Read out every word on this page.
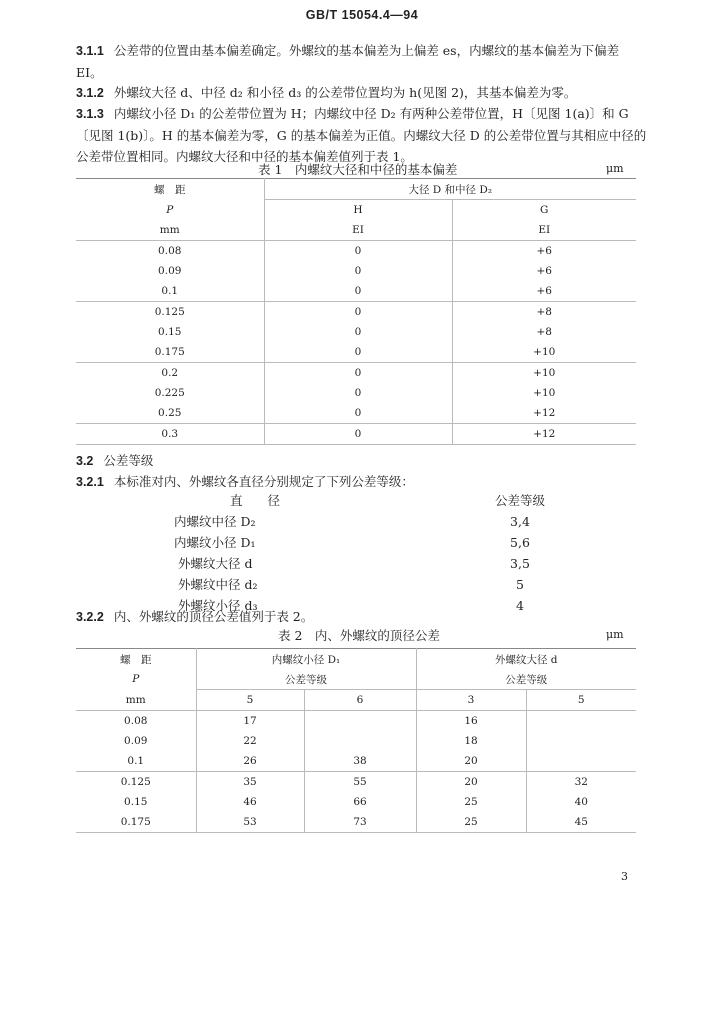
GB/T 15054.4—94
3.1.1 公差带的位置由基本偏差确定。外螺纹的基本偏差为上偏差 es，内螺纹的基本偏差为下偏差 EI。
3.1.2 外螺纹大径 d、中径 d₂ 和小径 d₃ 的公差带位置均为 h(见图 2)，其基本偏差为零。
3.1.3 内螺纹小径 D₁ 的公差带位置为 H；内螺纹中径 D₂ 有两种公差带位置，H〔见图 1(a)〕和 G〔见图 1(b)〕。H 的基本偏差为零，G 的基本偏差为正值。内螺纹大径 D 的公差带位置与其相应中径的公差带位置相同。内螺纹大径和中径的基本偏差值列于表 1。
表 1　内螺纹大径和中径的基本偏差	μm
螺　距	大径 D 和中径 D₂	
P	H	G
mm	EI	EI
0.08	0	+6
0.09	0	+6
0.1	0	+6
0.125	0	+8
0.15	0	+8
0.175	0	+10
0.2	0	+10
0.225	0	+10
0.25	0	+12
0.3	0	+12
3.2 公差等级
3.2.1 本标准对内、外螺纹各直径分别规定了下列公差等级：
直　　径	公差等级
内螺纹中径 D₂	3,4
内螺纹小径 D₁	5,6
外螺纹大径 d	3,5
外螺纹中径 d₂	5
外螺纹小径 d₃	4
3.2.2 内、外螺纹的顶径公差值列于表 2。
表 2　内、外螺纹的顶径公差	μm
螺　距	内螺纹小径 D₁		外螺纹大径 d	
P	公差等级		公差等级	
mm	5	6	3	5
0.08	17		16	
0.09	22		18	
0.1	26	38	20	
0.125	35	55	20	32
0.15	46	66	25	40
0.175	53	73	25	45
3
